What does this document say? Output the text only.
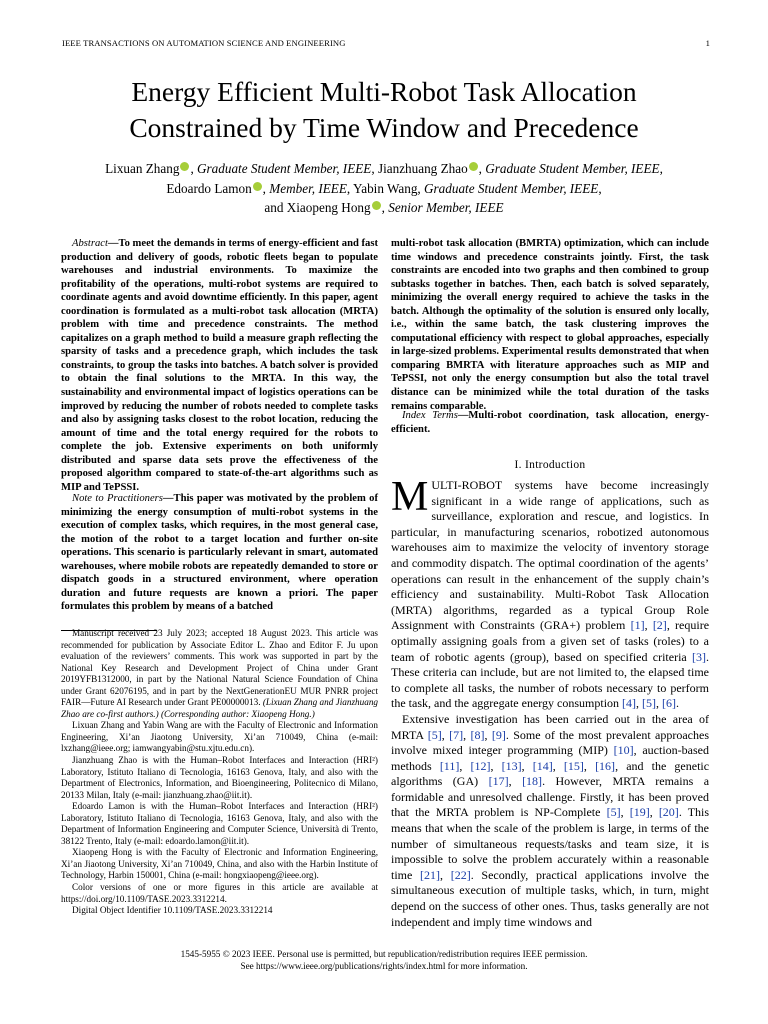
IEEE TRANSACTIONS ON AUTOMATION SCIENCE AND ENGINEERING	1
Energy Efficient Multi-Robot Task Allocation
Constrained by Time Window and Precedence
Lixuan Zhang , Graduate Student Member, IEEE, Jianzhuang Zhao , Graduate Student Member, IEEE,
Edoardo Lamon , Member, IEEE, Yabin Wang, Graduate Student Member, IEEE,
and Xiaopeng Hong , Senior Member, IEEE
Abstract—To meet the demands in terms of energy-efficient and fast production and delivery of goods, robotic fleets began to populate warehouses and industrial environments. To maximize the profitability of the operations, multi-robot systems are required to coordinate agents and avoid downtime efficiently. In this paper, agent coordination is formulated as a multi-robot task allocation (MRTA) problem with time and precedence constraints. The method capitalizes on a graph method to build a measure graph reflecting the sparsity of tasks and a precedence graph, which includes the task constraints, to group the tasks into batches. A batch solver is provided to obtain the final solutions to the MRTA. In this way, the sustainability and environmental impact of logistics operations can be improved by reducing the number of robots needed to complete tasks and also by assigning tasks closest to the robot location, reducing the amount of time and the total energy required for the robots to complete the job. Extensive experiments on both uniformly distributed and sparse data sets prove the effectiveness of the proposed algorithm compared to state-of-the-art algorithms such as MIP and TePSSI.
Note to Practitioners—This paper was motivated by the problem of minimizing the energy consumption of multi-robot systems in the execution of complex tasks, which requires, in the most general case, the motion of the robot to a target location and further on-site operations. This scenario is particularly relevant in smart, automated warehouses, where mobile robots are repeatedly demanded to store or dispatch goods in a structured environment, where operation duration and future requests are known a priori. The paper formulates this problem by means of a batched

Manuscript received 23 July 2023; accepted 18 August 2023. This article was recommended for publication by Associate Editor L. Zhao and Editor F. Ju upon evaluation of the reviewers’ comments. This work was supported in part by the National Key Research and Development Project of China under Grant 2019YFB1312000, in part by the National Natural Science Foundation of China under Grant 62076195, and in part by the NextGenerationEU MUR PNRR project FAIR—Future AI Research under Grant PE00000013. (Lixuan Zhang and Jianzhuang Zhao are co-first authors.) (Corresponding author: Xiaopeng Hong.)

Lixuan Zhang and Yabin Wang are with the Faculty of Electronic and Information Engineering, Xi’an Jiaotong University, Xi’an 710049, China (e-mail: lxzhang@ieee.org; iamwangyabin@stu.xjtu.edu.cn).

Jianzhuang Zhao is with the Human–Robot Interfaces and Interaction (HRI²) Laboratory, Istituto Italiano di Tecnologia, 16163 Genova, Italy, and also with the Department of Electronics, Information, and Bioengineering, Politecnico di Milano, 20133 Milan, Italy (e-mail: jianzhuang.zhao@iit.it).

Edoardo Lamon is with the Human–Robot Interfaces and Interaction (HRI²) Laboratory, Istituto Italiano di Tecnologia, 16163 Genova, Italy, and also with the Department of Information Engineering and Computer Science, Università di Trento, 38122 Trento, Italy (e-mail: edoardo.lamon@iit.it).

Xiaopeng Hong is with the Faculty of Electronic and Information Engineering, Xi’an Jiaotong University, Xi’an 710049, China, and also with the Harbin Institute of Technology, Harbin 150001, China (e-mail: hongxiaopeng@ieee.org).

Color versions of one or more figures in this article are available at https://doi.org/10.1109/TASE.2023.3312214.

Digital Object Identifier 10.1109/TASE.2023.3312214

multi-robot task allocation (BMRTA) optimization, which can include time windows and precedence constraints jointly. First, the task constraints are encoded into two graphs and then combined to group subtasks together in batches. Then, each batch is solved separately, minimizing the overall energy required to achieve the tasks in the batch. Although the optimality of the solution is ensured only locally, i.e., within the same batch, the task clustering improves the computational efficiency with respect to global approaches, especially in large-sized problems. Experimental results demonstrated that when comparing BMRTA with literature approaches such as MIP and TePSSI, not only the energy consumption but also the total travel distance can be minimized while the total duration of the tasks remains comparable.
Index Terms—Multi-robot coordination, task allocation, energy-efficient.
I. Introduction

MULTI-ROBOT systems have become increasingly significant in a wide range of applications, such as surveillance, exploration and rescue, and logistics. In particular, in manufacturing scenarios, robotized autonomous warehouses aim to maximize the velocity of inventory storage and commodity dispatch. The optimal coordination of the agents’ operations can result in the enhancement of the supply chain’s efficiency and sustainability. Multi-Robot Task Allocation (MRTA) algorithms, regarded as a typical Group Role Assignment with Constraints (GRA+) problem [1], [2], require optimally assigning goals from a given set of tasks (roles) to a team of robotic agents (group), based on specified criteria [3]. These criteria can include, but are not limited to, the elapsed time to complete all tasks, the number of robots necessary to perform the task, and the aggregate energy consumption [4], [5], [6].

Extensive investigation has been carried out in the area of MRTA [5], [7], [8], [9]. Some of the most prevalent approaches involve mixed integer programming (MIP) [10], auction-based methods [11], [12], [13], [14], [15], [16], and the genetic algorithms (GA) [17], [18]. However, MRTA remains a formidable and unresolved challenge. Firstly, it has been proved that the MRTA problem is NP-Complete [5], [19], [20]. This means that when the scale of the problem is large, in terms of the number of simultaneous requests/tasks and team size, it is impossible to solve the problem accurately within a reasonable time [21], [22]. Secondly, practical applications involve the simultaneous execution of multiple tasks, which, in turn, might depend on the success of other ones. Thus, tasks generally are not independent and imply time windows and

1545-5955 © 2023 IEEE. Personal use is permitted, but republication/redistribution requires IEEE permission.
See https://www.ieee.org/publications/rights/index.html for more information.
